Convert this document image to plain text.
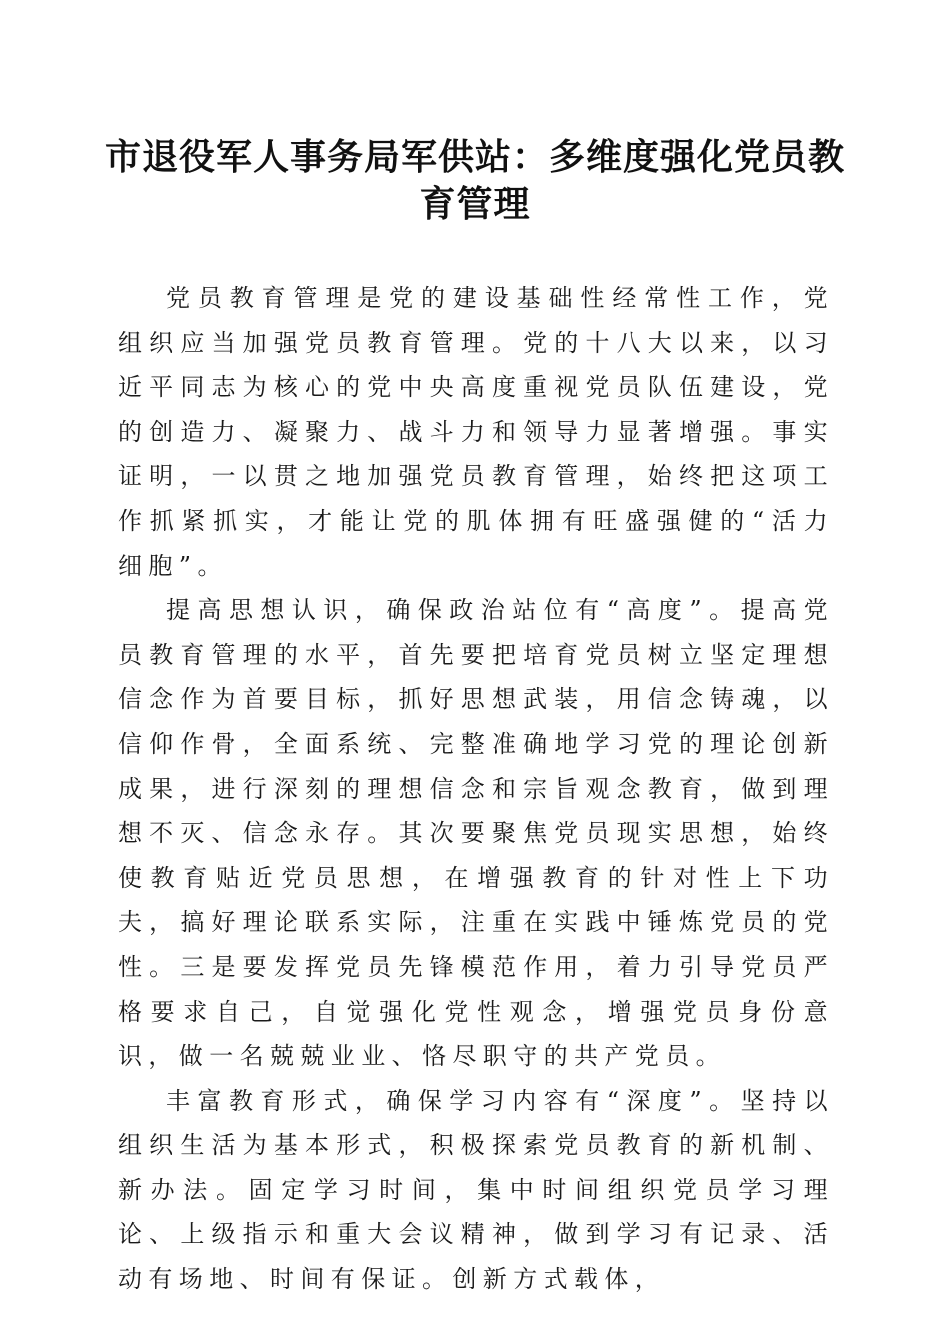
市退役军人事务局军供站：多维度强化党员教育管理

党员教育管理是党的建设基础性经常性工作，党组织应当加强党员教育管理。党的十八大以来，以习近平同志为核心的党中央高度重视党员队伍建设，党的创造力、凝聚力、战斗力和领导力显著增强。事实证明，一以贯之地加强党员教育管理，始终把这项工作抓紧抓实，才能让党的肌体拥有旺盛强健的“活力细胞”。

提高思想认识，确保政治站位有“高度”。提高党员教育管理的水平，首先要把培育党员树立坚定理想信念作为首要目标，抓好思想武装，用信念铸魂，以信仰作骨，全面系统、完整准确地学习党的理论创新成果，进行深刻的理想信念和宗旨观念教育，做到理想不灭、信念永存。其次要聚焦党员现实思想，始终使教育贴近党员思想，在增强教育的针对性上下功夫，搞好理论联系实际，注重在实践中锤炼党员的党性。三是要发挥党员先锋模范作用，着力引导党员严格要求自己，自觉强化党性观念，增强党员身份意识，做一名兢兢业业、恪尽职守的共产党员。

丰富教育形式，确保学习内容有“深度”。坚持以组织生活为基本形式，积极探索党员教育的新机制、新办法。固定学习时间，集中时间组织党员学习理论、上级指示和重大会议精神，做到学习有记录、活动有场地、时间有保证。创新方式载体，
